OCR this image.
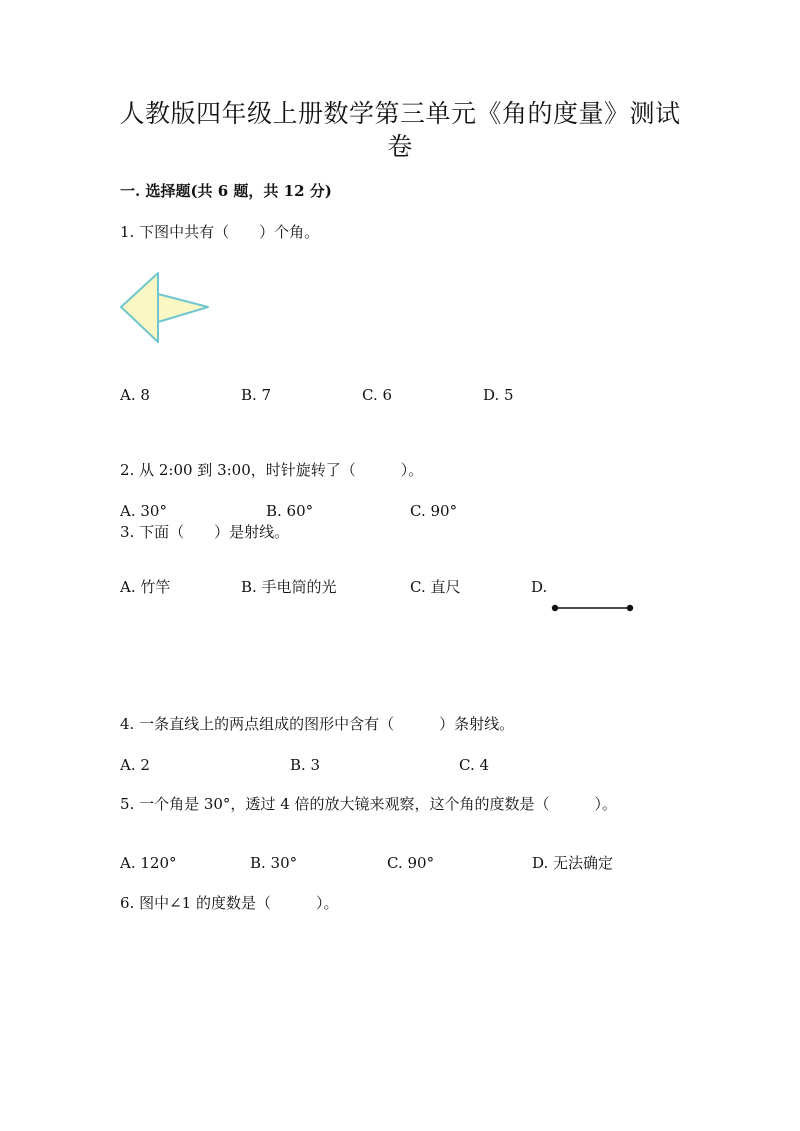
人教版四年级上册数学第三单元《角的度量》测试
卷
一. 选择题(共 6 题，共 12 分)
1. 下图中共有（　　）个角。
A. 8	B. 7	C. 6	D. 5
2. 从 2:00 到 3:00，时针旋转了（　　　）。
A. 30°	B. 60°	C. 90°
3. 下面（　　）是射线。
A. 竹竿	B. 手电筒的光	C. 直尺	D.
4. 一条直线上的两点组成的图形中含有（　　　）条射线。
A. 2	B. 3	C. 4
5. 一个角是 30°，透过 4 倍的放大镜来观察，这个角的度数是（　　　）。
A. 120°	B. 30°	C. 90°	D. 无法确定
6. 图中∠1 的度数是（　　　）。
